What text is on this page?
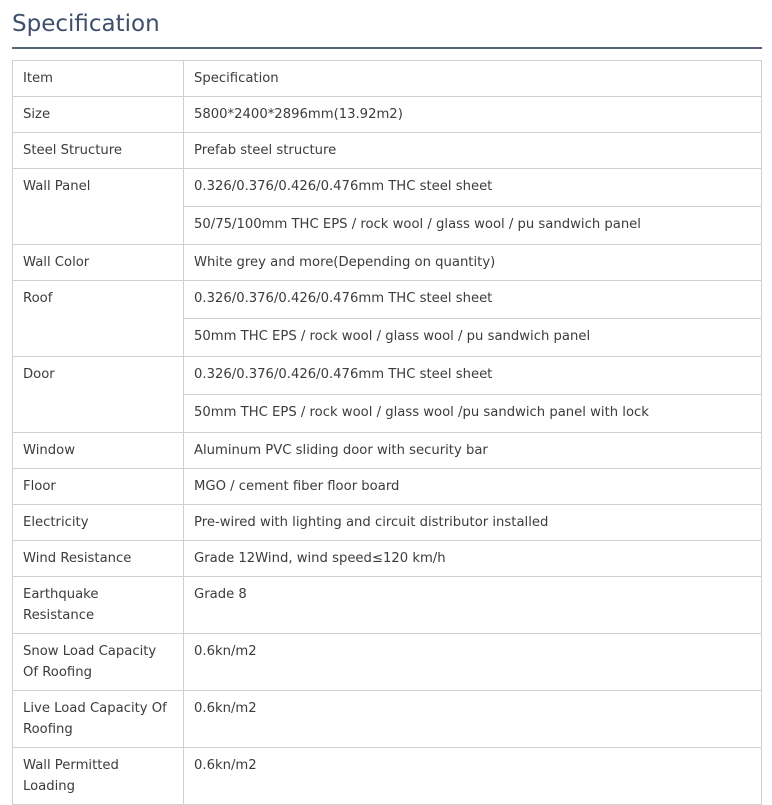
Specification
Item	Specification
Size	5800*2400*2896mm(13.92m2)
Steel Structure	Prefab steel structure
Wall Panel	0.326/0.376/0.426/0.476mm THC steel sheet
	50/75/100mm THC EPS / rock wool / glass wool / pu sandwich panel
Wall Color	White grey and more(Depending on quantity)
Roof	0.326/0.376/0.426/0.476mm THC steel sheet
	50mm THC EPS / rock wool / glass wool / pu sandwich panel
Door	0.326/0.376/0.426/0.476mm THC steel sheet
	50mm THC EPS / rock wool / glass wool /pu sandwich panel with lock
Window	Aluminum PVC sliding door with security bar
Floor	MGO / cement fiber floor board
Electricity	Pre-wired with lighting and circuit distributor installed
Wind Resistance	Grade 12Wind, wind speed≤120 km/h
Earthquake Resistance	Grade 8
Snow Load Capacity Of Roofing	0.6kn/m2
Live Load Capacity Of Roofing	0.6kn/m2
Wall Permitted Loading	0.6kn/m2
